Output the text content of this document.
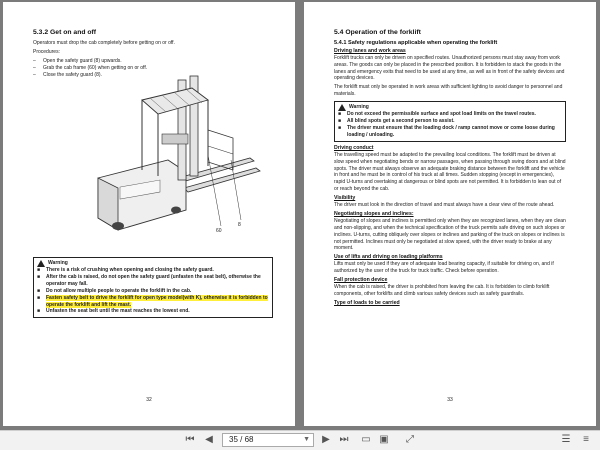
5.3.2 Get on and off

Operators must drop the cab completely before getting on or off.

Procedures:

– Open the safety guard (8) upwards.
– Grab the cab frame (60) when getting on or off.
– Close the safety guard (8).
60
8
Warning
■ There is a risk of crushing when opening and closing the safety guard.
■ After the cab is raised, do not open the safety guard (unfasten the seat belt), otherwise the operator may fall.
■ Do not allow multiple people to operate the forklift in the cab.
■ Fasten safety belt to drive the forklift for open type model(with K), otherwise it is forbidden to operate the forklift and lift the mast.
■ Unfasten the seat belt until the mast reaches the lowest end.
32
5.4 Operation of the forklift
5.4.1 Safety regulations applicable when operating the forklift
Driving lanes and work areas

Forklift trucks can only be driven on specified routes. Unauthorized persons must stay away from work areas. The goods can only be placed in the prescribed position. It is forbidden to stack the goods in the lanes and emergency exits that need to be used at any time, as well as in front of the safety devices and operating devices.

The forklift must only be operated in work areas with sufficient lighting to avoid danger to personnel and materials.

Warning
■ Do not exceed the permissible surface and spot load limits on the travel routes.
■ All blind spots get a second person to assist.
■ The driver must ensure that the loading dock / ramp cannot move or come loose during loading / unloading.
Driving conduct

The travelling speed must be adapted to the prevailing local conditions. The forklift must be driven at slow speed when negotiating bends or narrow passages, when passing through swing doors and at blind spots. The driver must always observe an adequate braking distance between the forklift and the vehicle in front and he must be in control of his truck at all times. Sudden stopping (except in emergencies), rapid U-turns and overtaking at dangerous or blind spots are not permitted. It is forbidden to lean out of or reach beyond the cab.

Visibility

The driver must look in the direction of travel and must always have a clear view of the route ahead.

Negotiating slopes and inclines:

Negotiating of slopes and inclines is permitted only when they are recognized lanes, when they are clean and non-slipping, and when the technical specification of the truck permits safe driving on such slopes or inclines. U-turns, cutting obliquely over slopes or inclines and parking of the truck on slopes or inclines is not permitted. Inclines must only be negotiated at slow speed, with the driver ready to brake at any moment.

Use of lifts and driving on loading platforms

Lifts must only be used if they are of adequate load bearing capacity, if suitable for driving on, and if authorized by the user of the truck for truck traffic. Check before operation.

Fall protection device

When the cab is raised, the driver is prohibited from leaving the cab. It is forbidden to climb forklift components, other forklifts and climb various safety devices such as safety guardrails.

Type of loads to be carried
33
⏮ ◀	35 / 68	▼ ▶ ⏭ ▭ ▣ ⤢	☰	≡
